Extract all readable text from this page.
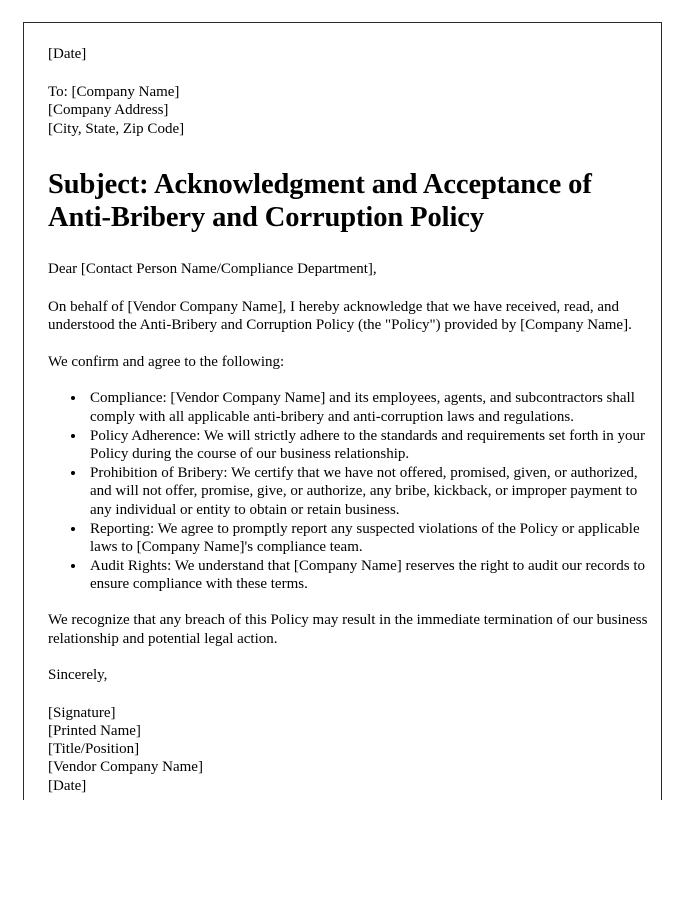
[Date]
To: [Company Name]
[Company Address]
[City, State, Zip Code]
Subject: Acknowledgment and Acceptance of Anti-Bribery and Corruption Policy
Dear [Contact Person Name/Compliance Department],

On behalf of [Vendor Company Name], I hereby acknowledge that we have received, read, and understood the Anti-Bribery and Corruption Policy (the "Policy") provided by [Company Name].

We confirm and agree to the following:

• Compliance: [Vendor Company Name] and its employees, agents, and subcontractors shall comply with all applicable anti-bribery and anti-corruption laws and regulations.
• Policy Adherence: We will strictly adhere to the standards and requirements set forth in your Policy during the course of our business relationship.
• Prohibition of Bribery: We certify that we have not offered, promised, given, or authorized, and will not offer, promise, give, or authorize, any bribe, kickback, or improper payment to any individual or entity to obtain or retain business.
• Reporting: We agree to promptly report any suspected violations of the Policy or applicable laws to [Company Name]'s compliance team.
• Audit Rights: We understand that [Company Name] reserves the right to audit our records to ensure compliance with these terms.

We recognize that any breach of this Policy may result in the immediate termination of our business relationship and potential legal action.

Sincerely,
[Signature]
[Printed Name]
[Title/Position]
[Vendor Company Name]
[Date]
